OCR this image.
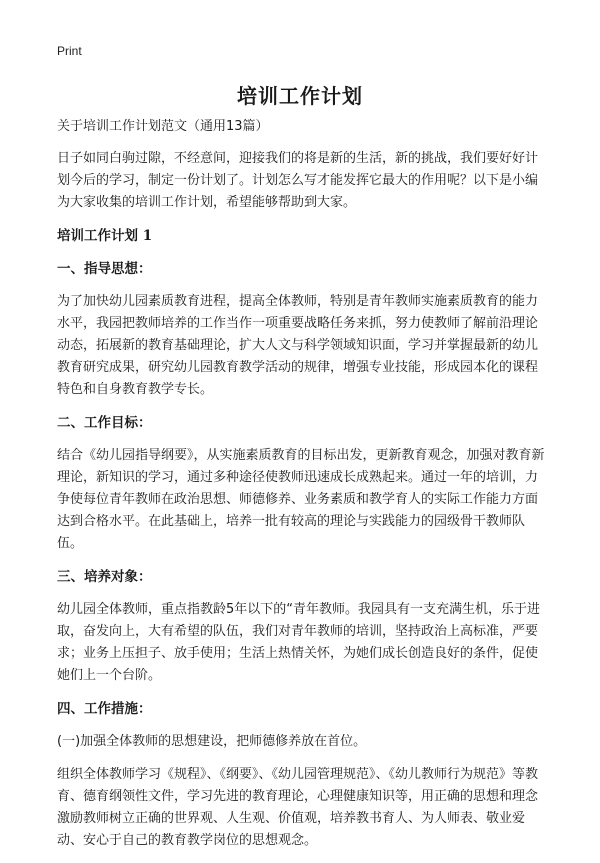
Print
培训工作计划
关于培训工作计划范文（通用13篇）

日子如同白驹过隙，不经意间，迎接我们的将是新的生活，新的挑战，我们要好好计划今后的学习，制定一份计划了。计划怎么写才能发挥它最大的作用呢？以下是小编为大家收集的培训工作计划，希望能够帮助到大家。

培训工作计划 1
一、指导思想：

为了加快幼儿园素质教育进程，提高全体教师，特别是青年教师实施素质教育的能力水平，我园把教师培养的工作当作一项重要战略任务来抓，努力使教师了解前沿理论动态，拓展新的教育基础理论，扩大人文与科学领域知识面，学习并掌握最新的幼儿教育研究成果，研究幼儿园教育教学活动的规律，增强专业技能，形成园本化的课程特色和自身教育教学专长。

二、工作目标：

结合《幼儿园指导纲要》，从实施素质教育的目标出发，更新教育观念，加强对教育新理论，新知识的学习，通过多种途径使教师迅速成长成熟起来。通过一年的培训，力争使每位青年教师在政治思想、师德修养、业务素质和教学育人的实际工作能力方面达到合格水平。在此基础上，培养一批有较高的理论与实践能力的园级骨干教师队伍。

三、培养对象：

幼儿园全体教师，重点指教龄5年以下的“青年教师。我园具有一支充满生机，乐于进取，奋发向上，大有希望的队伍，我们对青年教师的培训，坚持政治上高标准，严要求；业务上压担子、放手使用；生活上热情关怀，为她们成长创造良好的条件，促使她们上一个台阶。

四、工作措施：

(一)加强全体教师的思想建设，把师德修养放在首位。

组织全体教师学习《规程》、《纲要》、《幼儿园管理规范》、《幼儿教师行为规范》等教育、德育纲领性文件，学习先进的教育理论，心理健康知识等，用正确的思想和理念激励教师树立正确的世界观、人生观、价值观，培养教书育人、为人师表、敬业爱动、安心于自己的教育教学岗位的思想观念。
